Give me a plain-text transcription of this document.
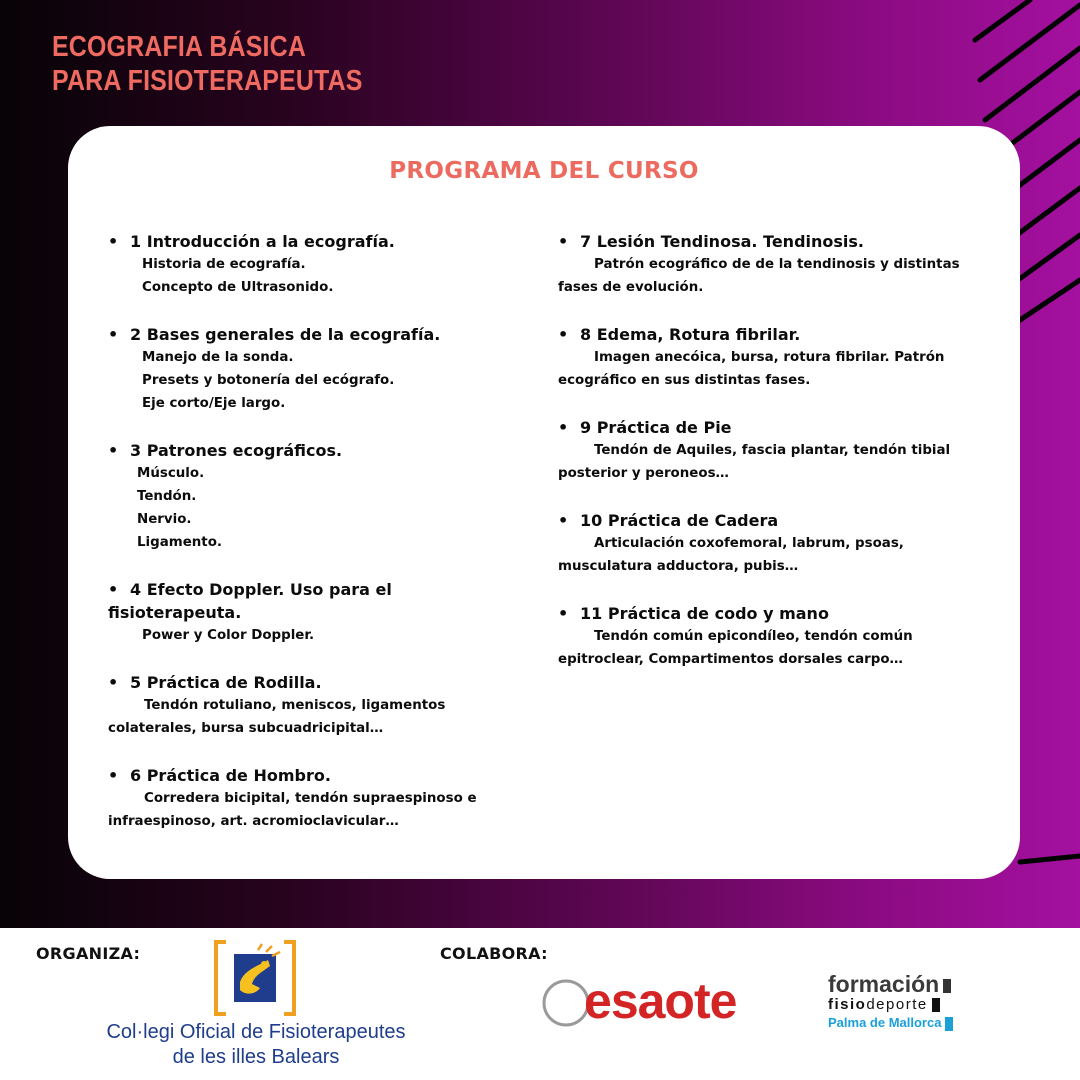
ECOGRAFIA BÁSICA
PARA FISIOTERAPEUTAS
PROGRAMA DEL CURSO
• 1 Introducción a la ecografía.
Historia de ecografía.
Concepto de Ultrasonido.
• 2 Bases generales de la ecografía.
Manejo de la sonda.
Presets y botonería del ecógrafo.
Eje corto/Eje largo.
• 3 Patrones ecográficos.
Músculo.
Tendón.
Nervio.
Ligamento.
• 4 Efecto Doppler. Uso para el
fisioterapeuta.
Power y Color Doppler.
• 5 Práctica de Rodilla.
Tendón rotuliano, meniscos, ligamentos colaterales, bursa subcuadricipital…
• 6 Práctica de Hombro.
Corredera bicipital, tendón supraespinoso e infraespinoso, art. acromioclavicular…
• 7 Lesión Tendinosa. Tendinosis.
Patrón ecográfico de de la tendinosis y distintas fases de evolución.
• 8 Edema, Rotura fibrilar.
Imagen anecóica, bursa, rotura fibrilar. Patrón ecográfico en sus distintas fases.
• 9 Práctica de Pie
Tendón de Aquiles, fascia plantar, tendón tibial posterior y peroneos…
• 10 Práctica de Cadera
Articulación coxofemoral, labrum, psoas, musculatura adductora, pubis…
• 11 Práctica de codo y mano
Tendón común epicondíleo, tendón común epitroclear, Compartimentos dorsales carpo…
ORGANIZA:	COLABORA:
Col·legi Oficial de Fisioterapeutes
de les illes Balears
esaote	formación
fisiodeporte
Palma de Mallorca
